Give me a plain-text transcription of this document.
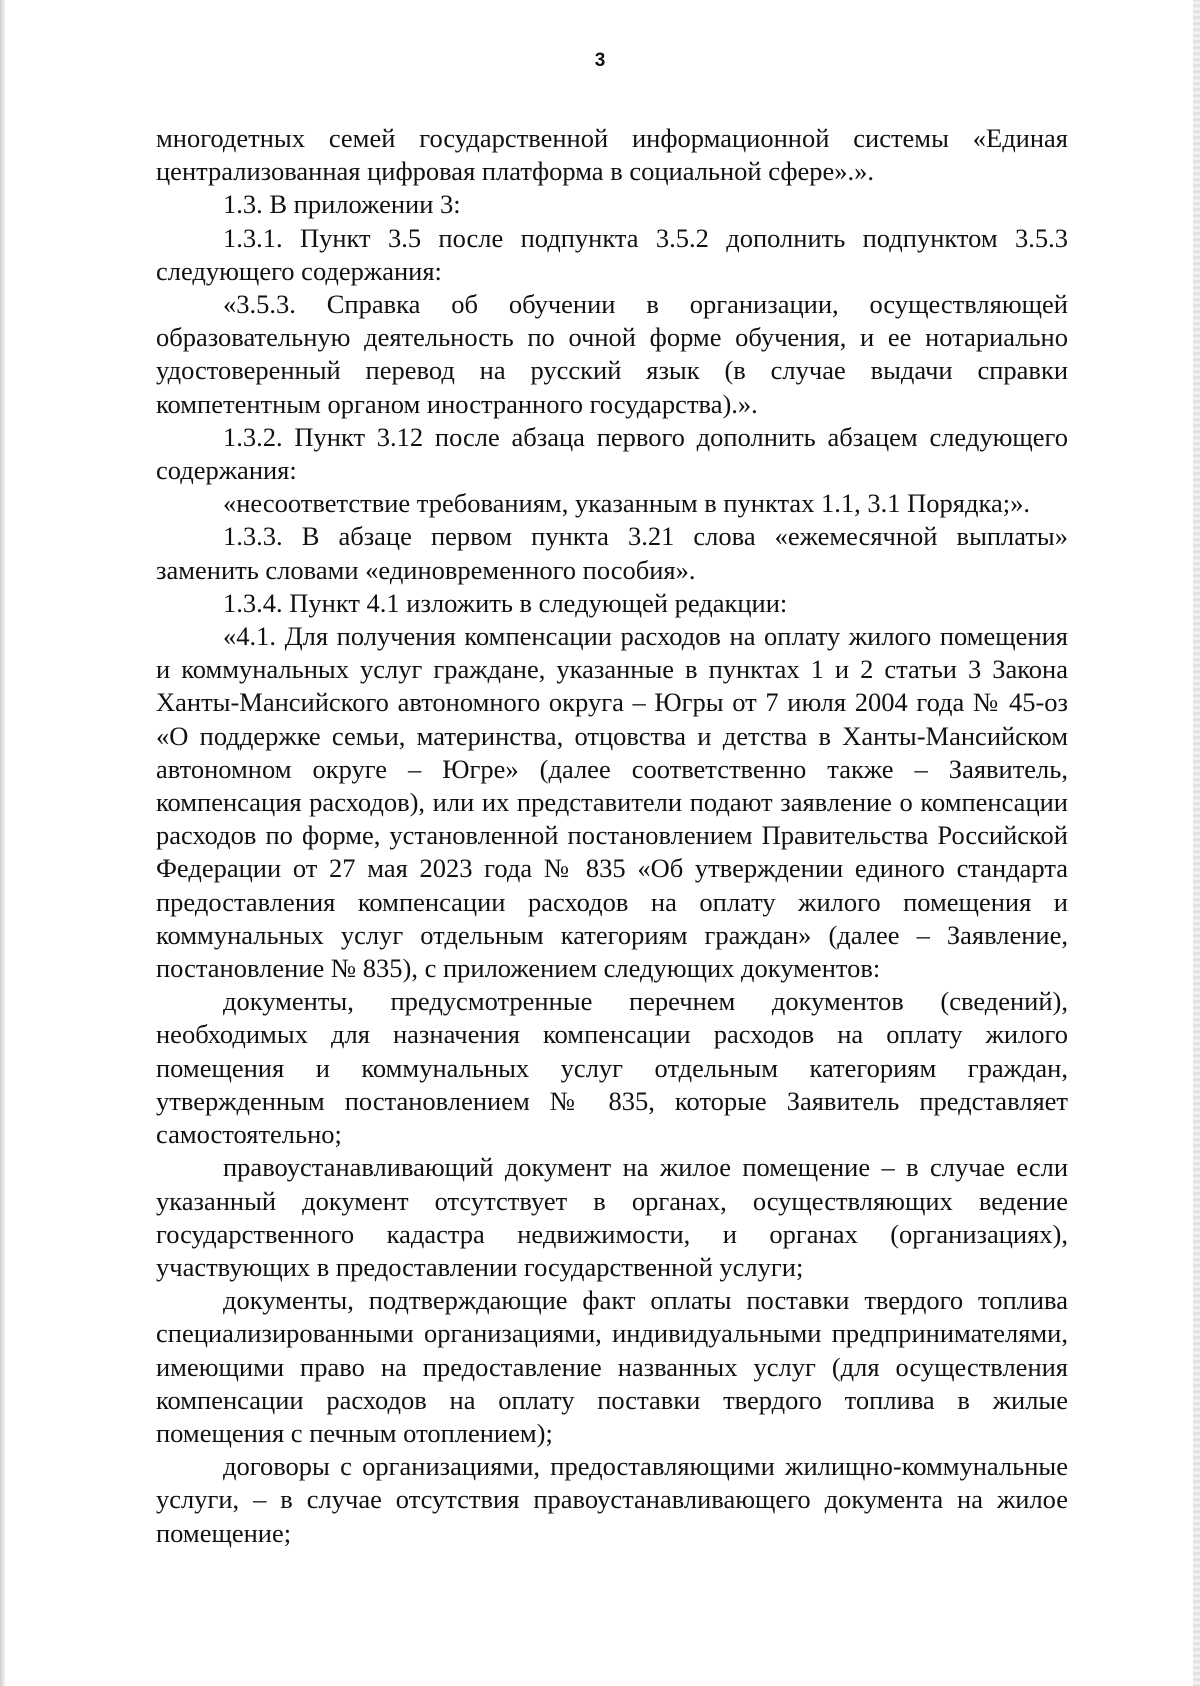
3

многодетных семей государственной информационной системы «Единая централизованная цифровая платформа в социальной сфере».».

1.3. В приложении 3:

1.3.1. Пункт 3.5 после подпункта 3.5.2 дополнить подпунктом 3.5.3 следующего содержания:

«3.5.3. Справка об обучении в организации, осуществляющей образовательную деятельность по очной форме обучения, и ее нотариально удостоверенный перевод на русский язык (в случае выдачи справки компетентным органом иностранного государства).».

1.3.2. Пункт 3.12 после абзаца первого дополнить абзацем следующего содержания:

«несоответствие требованиям, указанным в пунктах 1.1, 3.1 Порядка;».

1.3.3. В абзаце первом пункта 3.21 слова «ежемесячной выплаты» заменить словами «единовременного пособия».

1.3.4. Пункт 4.1 изложить в следующей редакции:

«4.1. Для получения компенсации расходов на оплату жилого помещения и коммунальных услуг граждане, указанные в пунктах 1 и 2 статьи 3 Закона Ханты-Мансийского автономного округа – Югры от 7 июля 2004 года № 45-оз «О поддержке семьи, материнства, отцовства и детства в Ханты-Мансийском автономном округе – Югре» (далее соответственно также – Заявитель, компенсация расходов), или их представители подают заявление о компенсации расходов по форме, установленной постановлением Правительства Российской Федерации от 27 мая 2023 года № 835 «Об утверждении единого стандарта предоставления компенсации расходов на оплату жилого помещения и коммунальных услуг отдельным категориям граждан» (далее – Заявление, постановление № 835), с приложением следующих документов:

документы, предусмотренные перечнем документов (сведений), необходимых для назначения компенсации расходов на оплату жилого помещения и коммунальных услуг отдельным категориям граждан, утвержденным постановлением № 835, которые Заявитель представляет самостоятельно;

правоустанавливающий документ на жилое помещение – в случае если указанный документ отсутствует в органах, осуществляющих ведение государственного кадастра недвижимости, и органах (организациях), участвующих в предоставлении государственной услуги;

документы, подтверждающие факт оплаты поставки твердого топлива специализированными организациями, индивидуальными предпринимателями, имеющими право на предоставление названных услуг (для осуществления компенсации расходов на оплату поставки твердого топлива в жилые помещения с печным отоплением);

договоры с организациями, предоставляющими жилищно-коммунальные услуги, – в случае отсутствия правоустанавливающего документа на жилое помещение;
